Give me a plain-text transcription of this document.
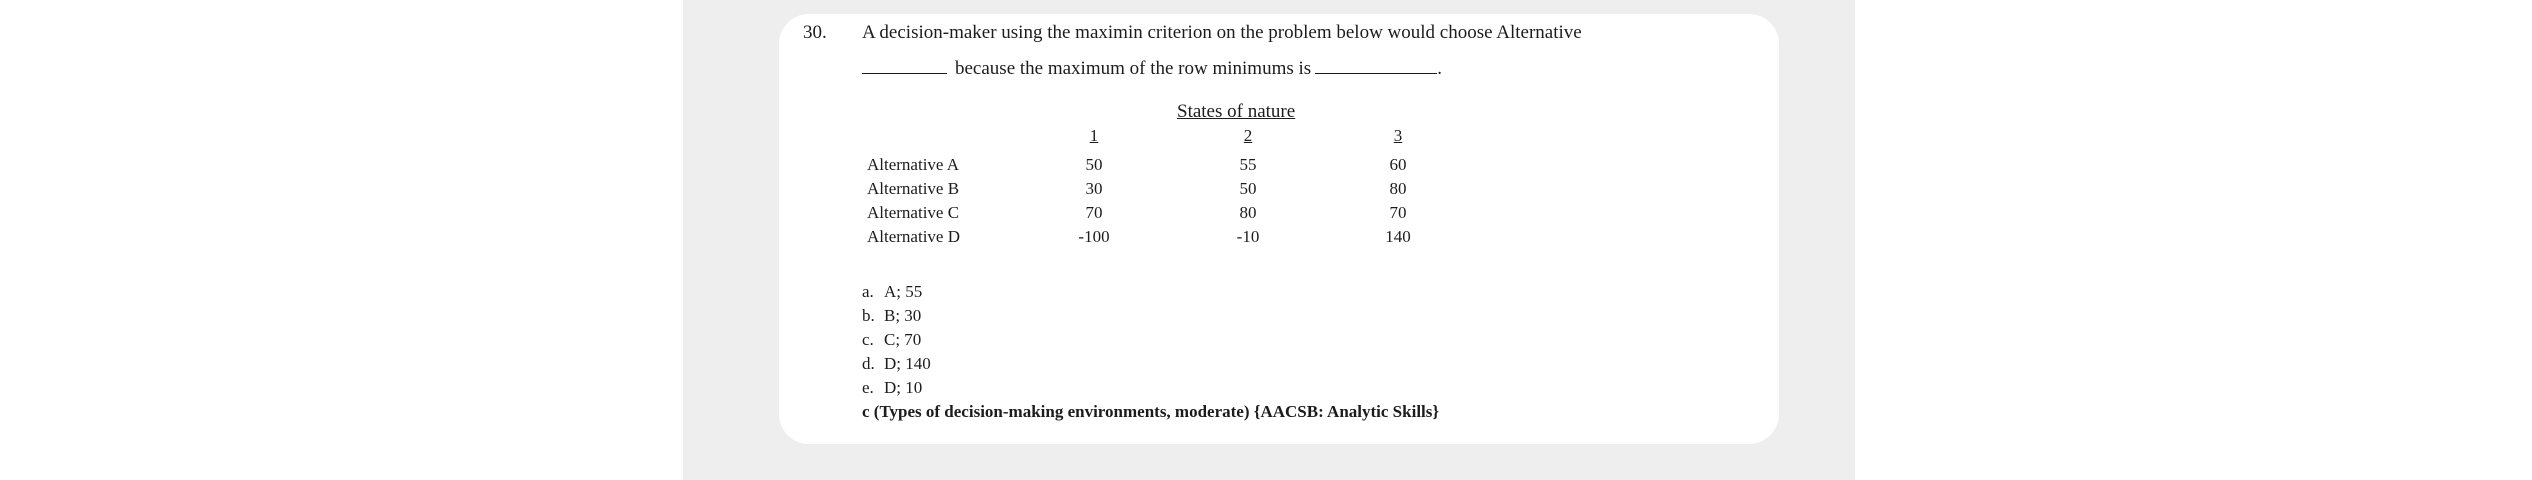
30. A decision-maker using the maximin criterion on the problem below would choose Alternative
because the maximum of the row minimums is	.
States of nature
1	2	3
Alternative A	50	55	60
Alternative B	30	50	80
Alternative C	70	80	70
Alternative D	-100	-10	140
a. A; 55
b. B; 30
c. C; 70
d. D; 140
e. D; 10
c (Types of decision-making environments, moderate) {AACSB: Analytic Skills}
